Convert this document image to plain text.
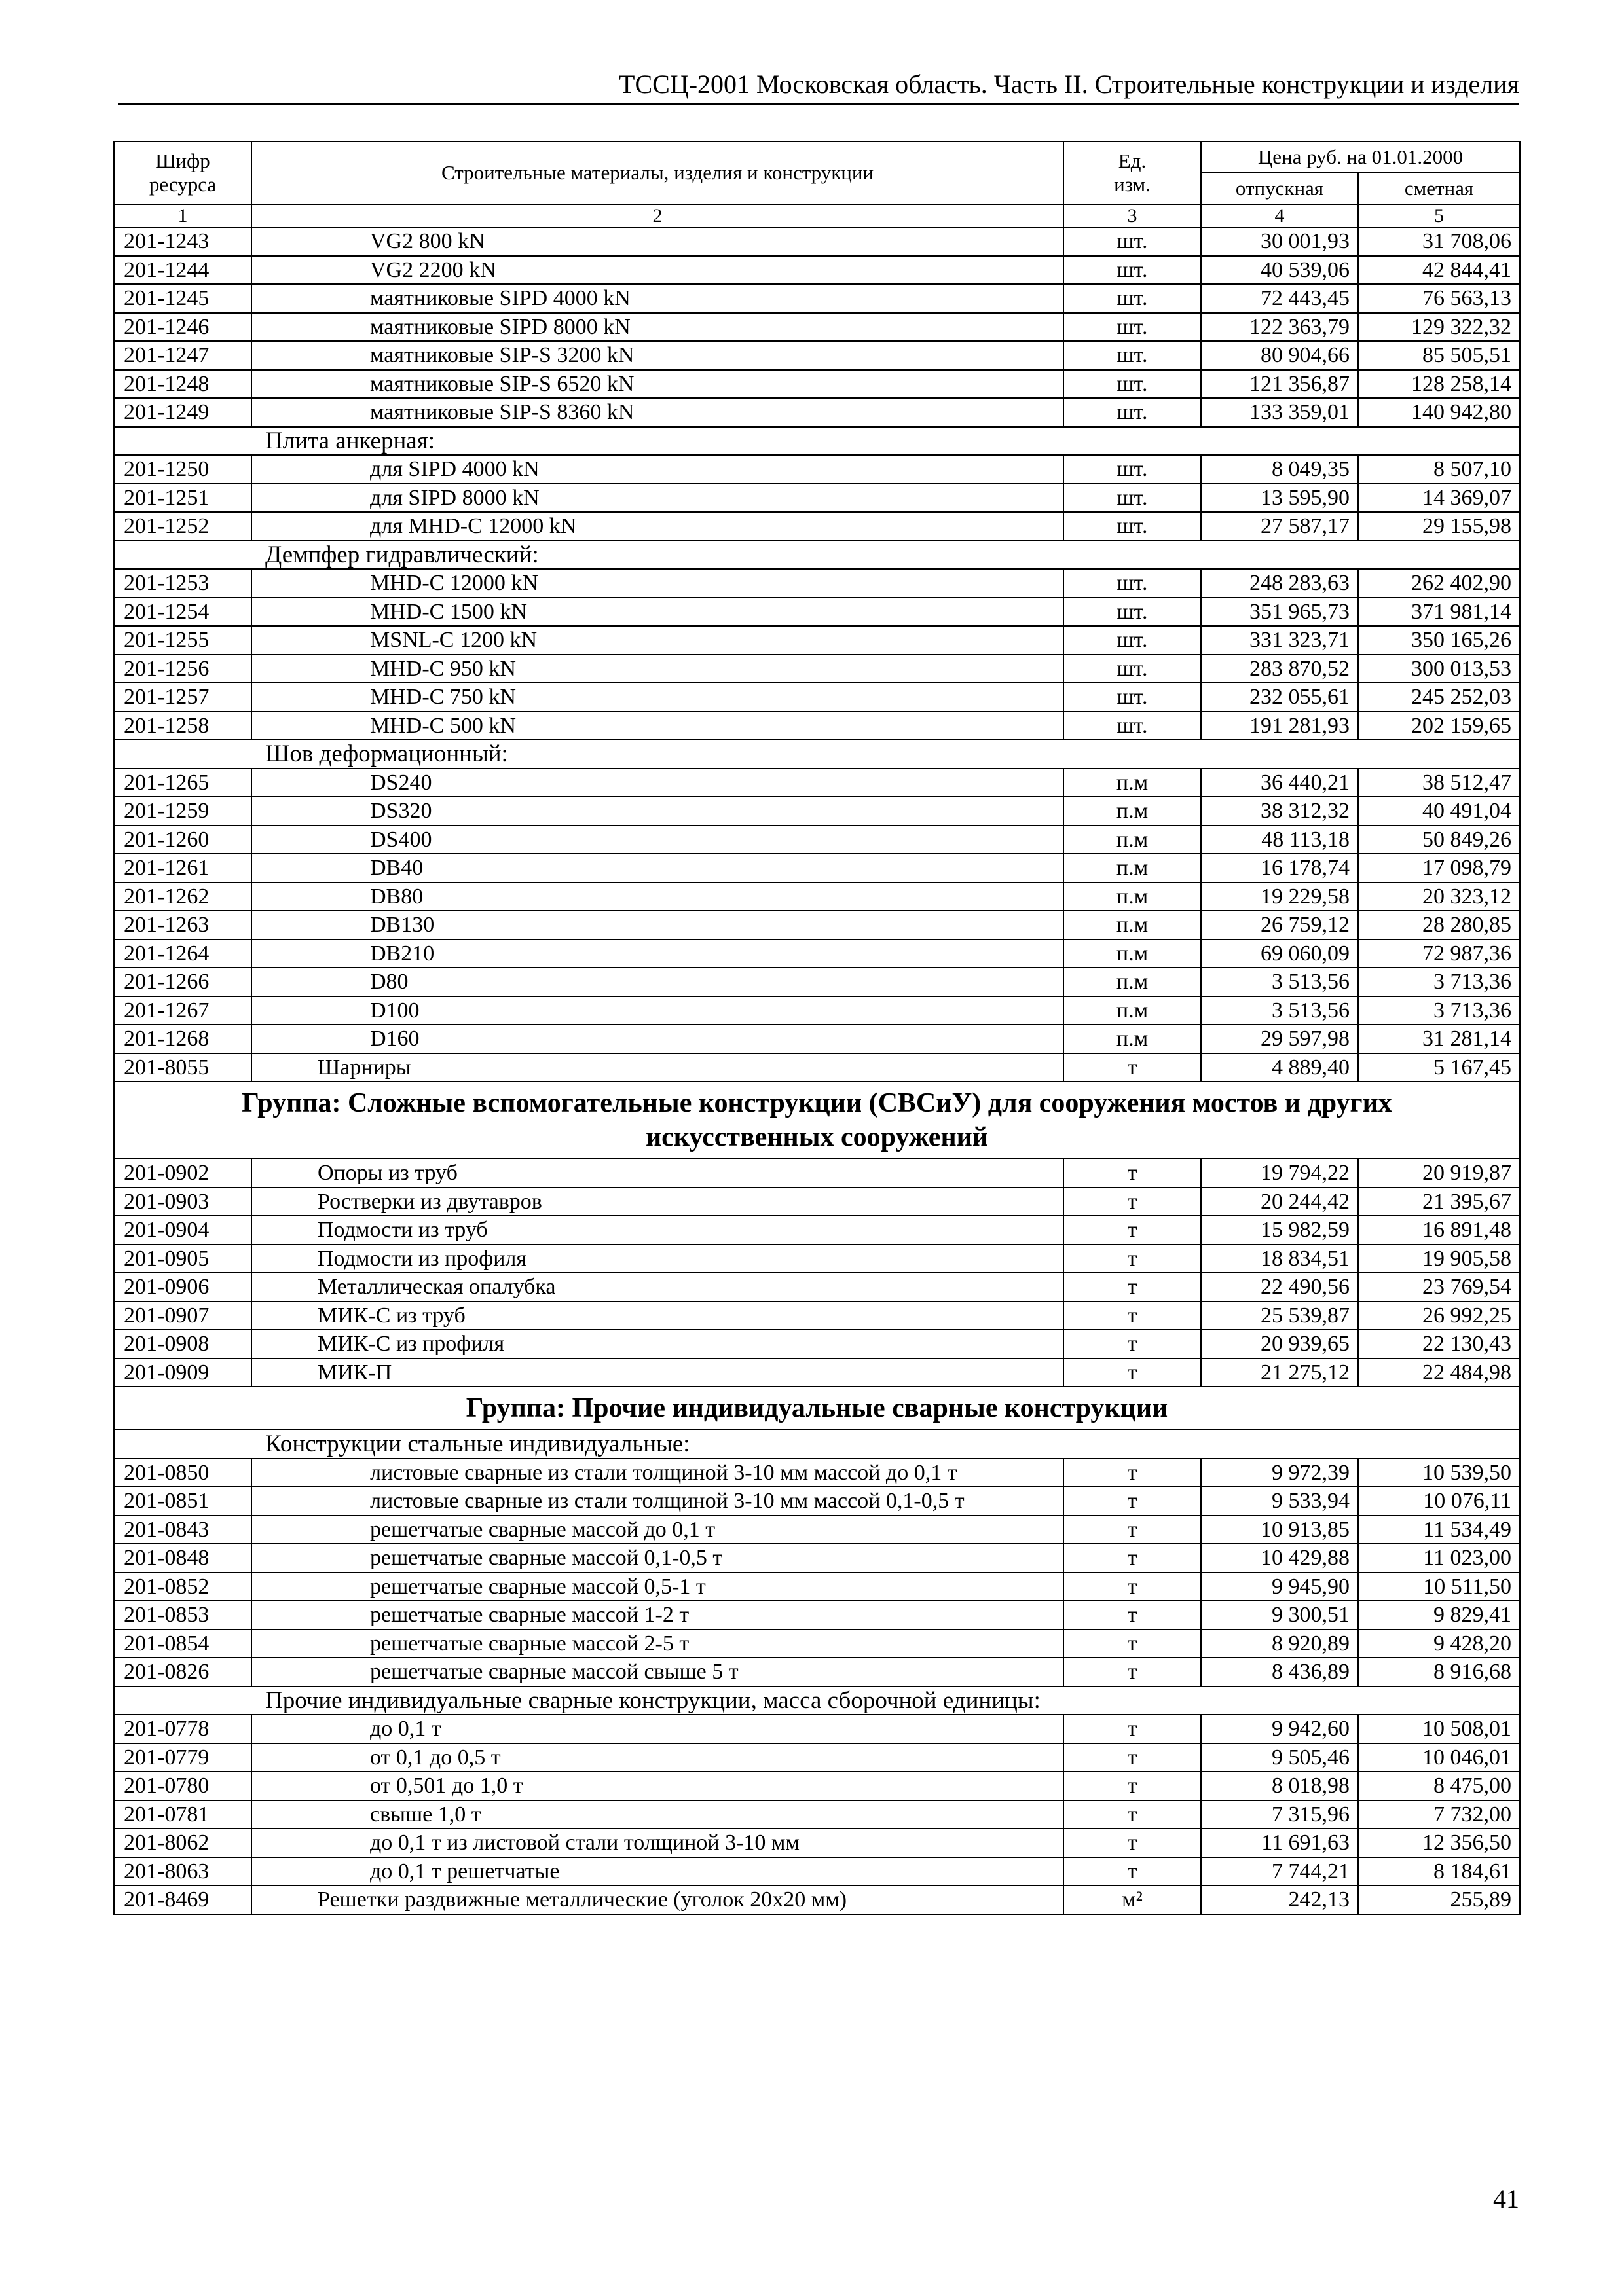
ТССЦ-2001 Московская область. Часть II. Строительные конструкции и изделия
Шифр ресурса	Строительные материалы, изделия и конструкции	Ед. изм.	Цена руб. на 01.01.2000	
			отпускная	сметная
1	2	3	4	5
201-1243	VG2 800 kN	шт.	30 001,93	31 708,06
201-1244	VG2 2200 kN	шт.	40 539,06	42 844,41
201-1245	маятниковые SIPD 4000 kN	шт.	72 443,45	76 563,13
201-1246	маятниковые SIPD 8000 kN	шт.	122 363,79	129 322,32
201-1247	маятниковые SIP-S 3200 kN	шт.	80 904,66	85 505,51
201-1248	маятниковые SIP-S 6520 kN	шт.	121 356,87	128 258,14
201-1249	маятниковые SIP-S 8360 kN	шт.	133 359,01	140 942,80
Плита анкерная:				
201-1250	для SIPD 4000 kN	шт.	8 049,35	8 507,10
201-1251	для SIPD 8000 kN	шт.	13 595,90	14 369,07
201-1252	для MHD-C 12000 kN	шт.	27 587,17	29 155,98
Демпфер гидравлический:				
201-1253	MHD-C 12000 kN	шт.	248 283,63	262 402,90
201-1254	MHD-C 1500 kN	шт.	351 965,73	371 981,14
201-1255	MSNL-C 1200 kN	шт.	331 323,71	350 165,26
201-1256	MHD-C 950 kN	шт.	283 870,52	300 013,53
201-1257	MHD-C 750 kN	шт.	232 055,61	245 252,03
201-1258	MHD-C 500 kN	шт.	191 281,93	202 159,65
Шов деформационный:				
201-1265	DS240	п.м	36 440,21	38 512,47
201-1259	DS320	п.м	38 312,32	40 491,04
201-1260	DS400	п.м	48 113,18	50 849,26
201-1261	DB40	п.м	16 178,74	17 098,79
201-1262	DB80	п.м	19 229,58	20 323,12
201-1263	DB130	п.м	26 759,12	28 280,85
201-1264	DB210	п.м	69 060,09	72 987,36
201-1266	D80	п.м	3 513,56	3 713,36
201-1267	D100	п.м	3 513,56	3 713,36
201-1268	D160	п.м	29 597,98	31 281,14
201-8055	Шарниры	т	4 889,40	5 167,45
Группа: Сложные вспомогательные конструкции (СВСиУ) для сооружения мостов и других искусственных сооружений				
201-0902	Опоры из труб	т	19 794,22	20 919,87
201-0903	Ростверки из двутавров	т	20 244,42	21 395,67
201-0904	Подмости из труб	т	15 982,59	16 891,48
201-0905	Подмости из профиля	т	18 834,51	19 905,58
201-0906	Металлическая опалубка	т	22 490,56	23 769,54
201-0907	МИК-С из труб	т	25 539,87	26 992,25
201-0908	МИК-С из профиля	т	20 939,65	22 130,43
201-0909	МИК-П	т	21 275,12	22 484,98
Группа: Прочие индивидуальные сварные конструкции				
Конструкции стальные индивидуальные:				
201-0850	листовые сварные из стали толщиной 3-10 мм массой до 0,1 т	т	9 972,39	10 539,50
201-0851	листовые сварные из стали толщиной 3-10 мм массой 0,1-0,5 т	т	9 533,94	10 076,11
201-0843	решетчатые сварные массой до 0,1 т	т	10 913,85	11 534,49
201-0848	решетчатые сварные массой 0,1-0,5 т	т	10 429,88	11 023,00
201-0852	решетчатые сварные массой 0,5-1 т	т	9 945,90	10 511,50
201-0853	решетчатые сварные массой 1-2 т	т	9 300,51	9 829,41
201-0854	решетчатые сварные массой 2-5 т	т	8 920,89	9 428,20
201-0826	решетчатые сварные массой свыше 5 т	т	8 436,89	8 916,68
Прочие индивидуальные сварные конструкции, масса сборочной единицы:				
201-0778	до 0,1 т	т	9 942,60	10 508,01
201-0779	от 0,1 до 0,5 т	т	9 505,46	10 046,01
201-0780	от 0,501 до 1,0 т	т	8 018,98	8 475,00
201-0781	свыше 1,0 т	т	7 315,96	7 732,00
201-8062	до 0,1 т из листовой стали толщиной 3-10 мм	т	11 691,63	12 356,50
201-8063	до 0,1 т решетчатые	т	7 744,21	8 184,61
201-8469	Решетки раздвижные металлические (уголок 20х20 мм)	м²	242,13	255,89
41
